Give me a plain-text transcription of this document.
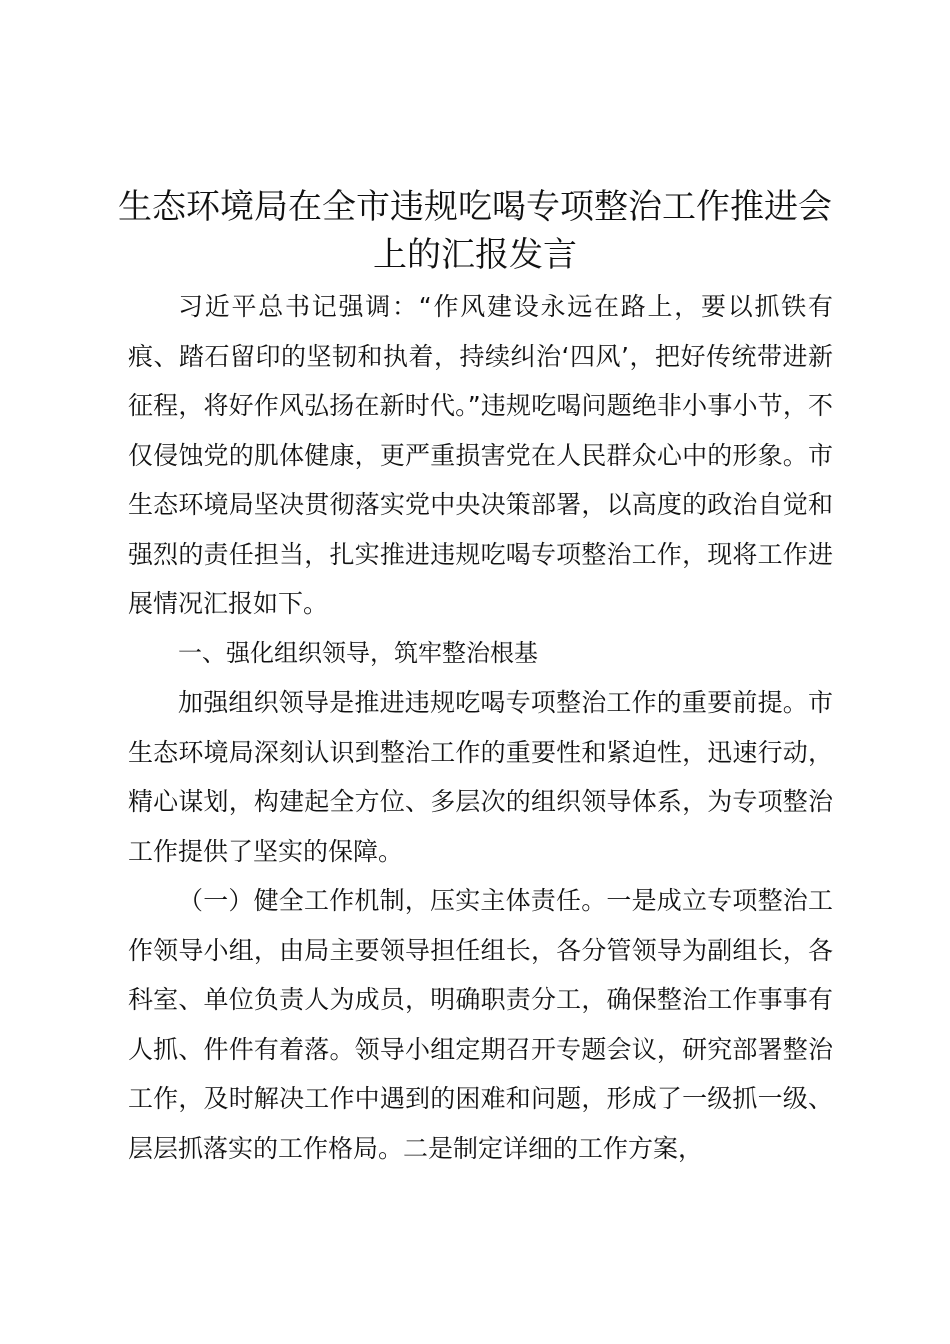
生态环境局在全市违规吃喝专项整治工作推进会上的汇报发言

习近平总书记强调：“作风建设永远在路上，要以抓铁有痕、踏石留印的坚韧和执着，持续纠治‘四风’，把好传统带进新征程，将好作风弘扬在新时代。”违规吃喝问题绝非小事小节，不仅侵蚀党的肌体健康，更严重损害党在人民群众心中的形象。市生态环境局坚决贯彻落实党中央决策部署，以高度的政治自觉和强烈的责任担当，扎实推进违规吃喝专项整治工作，现将工作进展情况汇报如下。

一、强化组织领导，筑牢整治根基

加强组织领导是推进违规吃喝专项整治工作的重要前提。市生态环境局深刻认识到整治工作的重要性和紧迫性，迅速行动，精心谋划，构建起全方位、多层次的组织领导体系，为专项整治工作提供了坚实的保障。

（一）健全工作机制，压实主体责任。一是成立专项整治工作领导小组，由局主要领导担任组长，各分管领导为副组长，各科室、单位负责人为成员，明确职责分工，确保整治工作事事有人抓、件件有着落。领导小组定期召开专题会议，研究部署整治工作，及时解决工作中遇到的困难和问题，形成了一级抓一级、层层抓落实的工作格局。二是制定详细的工作方案，
